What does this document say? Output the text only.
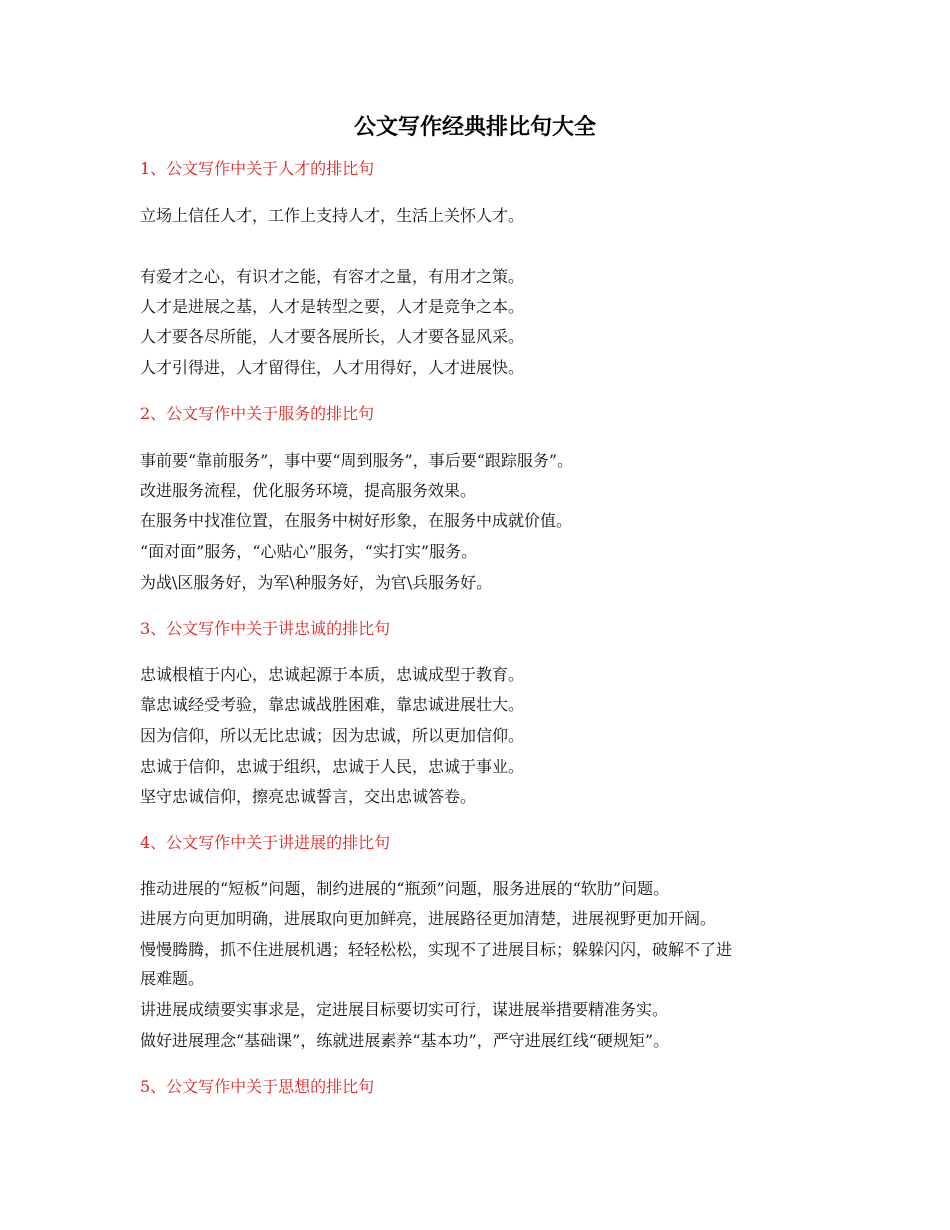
公文写作经典排比句大全
1、公文写作中关于人才的排比句
立场上信任人才，工作上支持人才，生活上关怀人才。
有爱才之心，有识才之能，有容才之量，有用才之策。
人才是进展之基，人才是转型之要，人才是竞争之本。
人才要各尽所能，人才要各展所长，人才要各显风采。
人才引得进，人才留得住，人才用得好，人才进展快。
2、公文写作中关于服务的排比句
事前要“靠前服务”，事中要“周到服务”，事后要“跟踪服务”。
改进服务流程，优化服务环境，提高服务效果。
在服务中找准位置，在服务中树好形象，在服务中成就价值。
“面对面”服务，“心贴心”服务，“实打实”服务。
为战\区服务好，为军\种服务好，为官\兵服务好。
3、公文写作中关于讲忠诚的排比句
忠诚根植于内心，忠诚起源于本质，忠诚成型于教育。
靠忠诚经受考验，靠忠诚战胜困难，靠忠诚进展壮大。
因为信仰，所以无比忠诚；因为忠诚，所以更加信仰。
忠诚于信仰，忠诚于组织，忠诚于人民，忠诚于事业。
坚守忠诚信仰，擦亮忠诚誓言，交出忠诚答卷。
4、公文写作中关于讲进展的排比句
推动进展的“短板”问题，制约进展的“瓶颈”问题，服务进展的“软肋”问题。
进展方向更加明确，进展取向更加鲜亮，进展路径更加清楚，进展视野更加开阔。
慢慢腾腾，抓不住进展机遇；轻轻松松，实现不了进展目标；躲躲闪闪，破解不了进
展难题。
讲进展成绩要实事求是，定进展目标要切实可行，谋进展举措要精准务实。
做好进展理念“基础课”，练就进展素养“基本功”，严守进展红线“硬规矩”。
5、公文写作中关于思想的排比句
